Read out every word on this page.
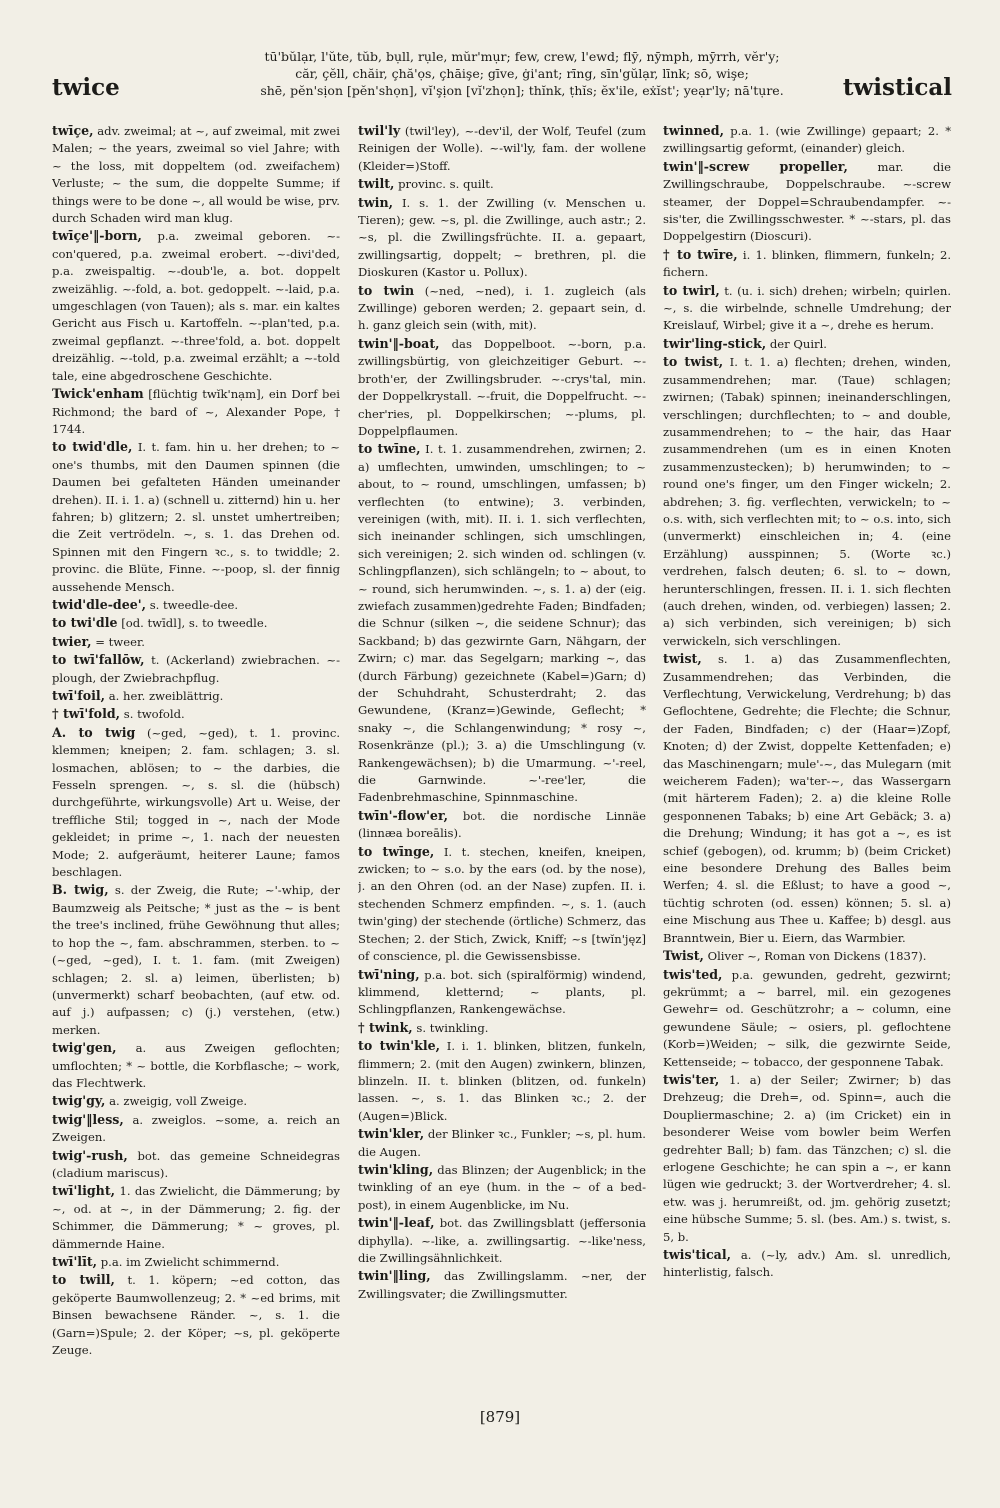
twice
tū'bŭlạr, l'ŭte, tŭb, bụll, rụle, mŭr'mụr; few, crew, l'ewd; flȳ, nȳmph, mȳrrh, vĕr'y;
căr, çĕll, chăir, çhă'ọs, çhāişe; gīve, ġi'ant; rīng, sīn'gŭlạr, līnk; sō, wişe;
shē, pĕn'sịon [pĕn'shọn], vĭ'şịon [vĭ'zhọn]; thĭnk, ṭhĭs; ĕx'ile, eẋĭst'; yeạr'ly; nā'tụre.	twistical

twīçe, adv. zweimal; at ~, auf zweimal, mit zwei Malen; ~ the years, zweimal so viel Jahre; with ~ the loss, mit doppeltem (od. zweifachem) Verluste; ~ the sum, die doppelte Summe; if things were to be done ~, all would be wise, prv. durch Schaden wird man klug.

twīçe'‖-born, p.a. zweimal geboren. ~-con'quered, p.a. zweimal erobert. ~-divi'ded, p.a. zweispaltig. ~-doub'le, a. bot. doppelt zweizählig. ~-fold, a. bot. gedoppelt. ~-laid, p.a. umgeschlagen (von Tauen); als s. mar. ein kaltes Gericht aus Fisch u. Kartoffeln. ~-plan'ted, p.a. zweimal gepflanzt. ~-three'fold, a. bot. doppelt dreizählig. ~-told, p.a. zweimal erzählt; a ~-told tale, eine abgedroschene Geschichte.

Twick'enham [flüchtig twĭk'nạm], ein Dorf bei Richmond; the bard of ~, Alexander Pope, † 1744.

to twid'dle, I. t. fam. hin u. her drehen; to ~ one's thumbs, mit den Daumen spinnen (die Daumen bei gefalteten Händen umeinander drehen). II. i. 1. a) (schnell u. zitternd) hin u. her fahren; b) glitzern; 2. sl. unstet umhertreiben; die Zeit vertrödeln. ~, s. 1. das Drehen od. Spinnen mit den Fingern ꝛc., s. to twiddle; 2. provinc. die Blüte, Finne. ~-poop, sl. der finnig aussehende Mensch.

twid'dle-dee', s. tweedle-dee.

to twi'dle [od. twīdl], s. to tweedle.

twier, = tweer.

to twī'fallōw, t. (Ackerland) zwiebrachen. ~-plough, der Zwiebrachpflug.

twī'foil, a. her. zweiblättrig.

† twī'fold, s. twofold.

A. to twig (~ged, ~ged), t. 1. provinc. klemmen; kneipen; 2. fam. schlagen; 3. sl. losmachen, ablösen; to ~ the darbies, die Fesseln sprengen. ~, s. sl. die (hübsch) durchgeführte, wirkungsvolle) Art u. Weise, der treffliche Stil; togged in ~, nach der Mode gekleidet; in prime ~, 1. nach der neuesten Mode; 2. aufgeräumt, heiterer Laune; famos beschlagen.

B. twig, s. der Zweig, die Rute; ~'-whip, der Baumzweig als Peitsche; * just as the ~ is bent the tree's inclined, frühe Gewöhnung thut alles; to hop the ~, fam. abschrammen, sterben. to ~ (~ged, ~ged), I. t. 1. fam. (mit Zweigen) schlagen; 2. sl. a) leimen, überlisten; b) (unvermerkt) scharf beobachten, (auf etw. od. auf j.) aufpassen; c) (j.) verstehen, (etw.) merken.

twig'gen, a. aus Zweigen geflochten; umflochten; * ~ bottle, die Korbflasche; ~ work, das Flechtwerk.

twig'gy, a. zweigig, voll Zweige.

twig'‖less, a. zweiglos. ~some, a. reich an Zweigen.

twig'-rush, bot. das gemeine Schneidegras (cladium mariscus).

twī'light, 1. das Zwielicht, die Dämmerung; by ~, od. at ~, in der Dämmerung; 2. fig. der Schimmer, die Dämmerung; * ~ groves, pl. dämmernde Haine.

twī'līt, p.a. im Zwielicht schimmernd.

to twill, t. 1. köpern; ~ed cotton, das geköperte Baumwollenzeug; 2. * ~ed brims, mit Binsen bewachsene Ränder. ~, s. 1. die (Garn=)Spule; 2. der Köper; ~s, pl. geköperte Zeuge.

twil'ly (twil'ley), ~-dev'il, der Wolf, Teufel (zum Reinigen der Wolle). ~-wil'ly, fam. der wollene (Kleider=)Stoff.

twilt, provinc. s. quilt.

twin, I. s. 1. der Zwilling (v. Menschen u. Tieren); gew. ~s, pl. die Zwillinge, auch astr.; 2. ~s, pl. die Zwillingsfrüchte. II. a. gepaart, zwillingsartig, doppelt; ~ brethren, pl. die Dioskuren (Kastor u. Pollux).

to twin (~ned, ~ned), i. 1. zugleich (als Zwillinge) geboren werden; 2. gepaart sein, d. h. ganz gleich sein (with, mit).

twin'‖-boat, das Doppelboot. ~-born, p.a. zwillingsbürtig, von gleichzeitiger Geburt. ~-broth'er, der Zwillingsbruder. ~-crys'tal, min. der Doppelkrystall. ~-fruit, die Doppelfrucht. ~-cher'ries, pl. Doppelkirschen; ~-plums, pl. Doppelpflaumen.

to twīne, I. t. 1. zusammendrehen, zwirnen; 2. a) umflechten, umwinden, umschlingen; to ~ about, to ~ round, umschlingen, umfassen; b) verflechten (to entwine); 3. verbinden, vereinigen (with, mit). II. i. 1. sich verflechten, sich ineinander schlingen, sich umschlingen, sich vereinigen; 2. sich winden od. schlingen (v. Schlingpflanzen), sich schlängeln; to ~ about, to ~ round, sich herumwinden. ~, s. 1. a) der (eig. zwiefach zusammen)gedrehte Faden; Bindfaden; die Schnur (silken ~, die seidene Schnur); das Sackband; b) das gezwirnte Garn, Nähgarn, der Zwirn; c) mar. das Segelgarn; marking ~, das (durch Färbung) gezeichnete (Kabel=)Garn; d) der Schuhdraht, Schusterdraht; 2. das Gewundene, (Kranz=)Gewinde, Geflecht; * snaky ~, die Schlangenwindung; * rosy ~, Rosenkränze (pl.); 3. a) die Umschlingung (v. Rankengewächsen); b) die Umarmung. ~'-reel, die Garnwinde. ~'-ree'ler, die Fadenbrehmaschine, Spinnmaschine.

twīn'-flow'er, bot. die nordische Linnäe (linnæa boreālis).

to twīnge, I. t. stechen, kneifen, kneipen, zwicken; to ~ s.o. by the ears (od. by the nose), j. an den Ohren (od. an der Nase) zupfen. II. i. stechenden Schmerz empfinden. ~, s. 1. (auch twin'ging) der stechende (örtliche) Schmerz, das Stechen; 2. der Stich, Zwick, Kniff; ~s [twĭn'jęz] of conscience, pl. die Gewissensbisse.

twī'ning, p.a. bot. sich (spiralförmig) windend, klimmend, kletternd; ~ plants, pl. Schlingpflanzen, Rankengewächse.

† twink, s. twinkling.

to twin'kle, I. i. 1. blinken, blitzen, funkeln, flimmern; 2. (mit den Augen) zwinkern, blinzen, blinzeln. II. t. blinken (blitzen, od. funkeln) lassen. ~, s. 1. das Blinken ꝛc.; 2. der (Augen=)Blick.

twin'kler, der Blinker ꝛc., Funkler; ~s, pl. hum. die Augen.

twin'kling, das Blinzen; der Augenblick; in the twinkling of an eye (hum. in the ~ of a bed-post), in einem Augenblicke, im Nu.

twin'‖-leaf, bot. das Zwillingsblatt (jeffersonia diphylla). ~-like, a. zwillingsartig. ~-like'ness, die Zwillingsähnlichkeit.

twin'‖ling, das Zwillingslamm. ~ner, der Zwillingsvater; die Zwillingsmutter.

twinned, p.a. 1. (wie Zwillinge) gepaart; 2. * zwillingsartig geformt, (einander) gleich.

twin'‖-screw propeller,	mar. die Zwillingschraube, Doppelschraube. ~-screw steamer, der Doppel=Schraubendampfer. ~-sis'ter, die Zwillingsschwester. * ~-stars, pl. das Doppelgestirn (Dioscuri).

† to twīre, i. 1. blinken, flimmern, funkeln; 2. fichern.

to twirl, t. (u. i. sich) drehen; wirbeln; quirlen. ~, s. die wirbelnde, schnelle Umdrehung; der Kreislauf, Wirbel; give it a ~, drehe es herum.

twir'ling-stick, der Quirl.

to twist, I. t. 1. a) flechten; drehen, winden, zusammendrehen; mar. (Taue) schlagen; zwirnen; (Tabak) spinnen; ineinanderschlingen, verschlingen; durchflechten; to ~ and double, zusammendrehen; to ~ the hair, das Haar zusammendrehen (um es in einen Knoten zusammenzustecken); b) herumwinden; to ~ round one's finger, um den Finger wickeln; 2. abdrehen; 3. fig. verflechten, verwickeln; to ~ o.s. with, sich verflechten mit; to ~ o.s. into, sich (unvermerkt) einschleichen in; 4. (eine Erzählung) ausspinnen; 5. (Worte ꝛc.) verdrehen, falsch deuten; 6. sl. to ~ down, herunterschlingen, fressen. II. i. 1. sich flechten (auch drehen, winden, od. verbiegen) lassen; 2. a) sich verbinden, sich vereinigen; b) sich verwickeln, sich verschlingen.

twist, s. 1. a) das Zusammenflechten, Zusammendrehen; das Verbinden, die Verflechtung, Verwickelung, Verdrehung; b) das Geflochtene, Gedrehte; die Flechte; die Schnur, der Faden, Bindfaden; c) der (Haar=)Zopf, Knoten; d) der Zwist, doppelte Kettenfaden; e) das Maschinengarn; mule'-~, das Mulegarn (mit weicherem Faden); wa'ter-~, das Wassergarn (mit härterem Faden); 2. a) die kleine Rolle gesponnenen Tabaks; b) eine Art Gebäck; 3. a) die Drehung; Windung; it has got a ~, es ist schief (gebogen), od. krumm; b) (beim Cricket) eine besondere Drehung des Balles beim Werfen; 4. sl. die Eßlust; to have a good ~, tüchtig schroten (od. essen) können; 5. sl. a) eine Mischung aus Thee u. Kaffee; b) desgl. aus Branntwein, Bier u. Eiern, das Warmbier.

Twist, Oliver ~, Roman von Dickens (1837).

twis'ted, p.a. gewunden, gedreht, gezwirnt; gekrümmt; a ~ barrel, mil. ein gezogenes Gewehr= od. Geschützrohr; a ~ column, eine gewundene Säule; ~ osiers, pl. geflochtene (Korb=)Weiden; ~ silk, die gezwirnte Seide, Kettenseide; ~ tobacco, der gesponnene Tabak.

twis'ter, 1. a) der Seiler; Zwirner; b) das Drehzeug; die Dreh=, od. Spinn=, auch die Doupliermaschine; 2. a) (im Cricket) ein in besonderer Weise vom bowler beim Werfen gedrehter Ball; b) fam. das Tänzchen; c) sl. die erlogene Geschichte; he can spin a ~, er kann lügen wie gedruckt; 3. der Wortverdreher; 4. sl. etw. was j. herumreißt, od. jm. gehörig zusetzt; eine hübsche Summe; 5. sl. (bes. Am.) s. twist, s. 5, b.

twis'tical, a. (~ly, adv.) Am. sl. unredlich, hinterlistig, falsch.

[879]
